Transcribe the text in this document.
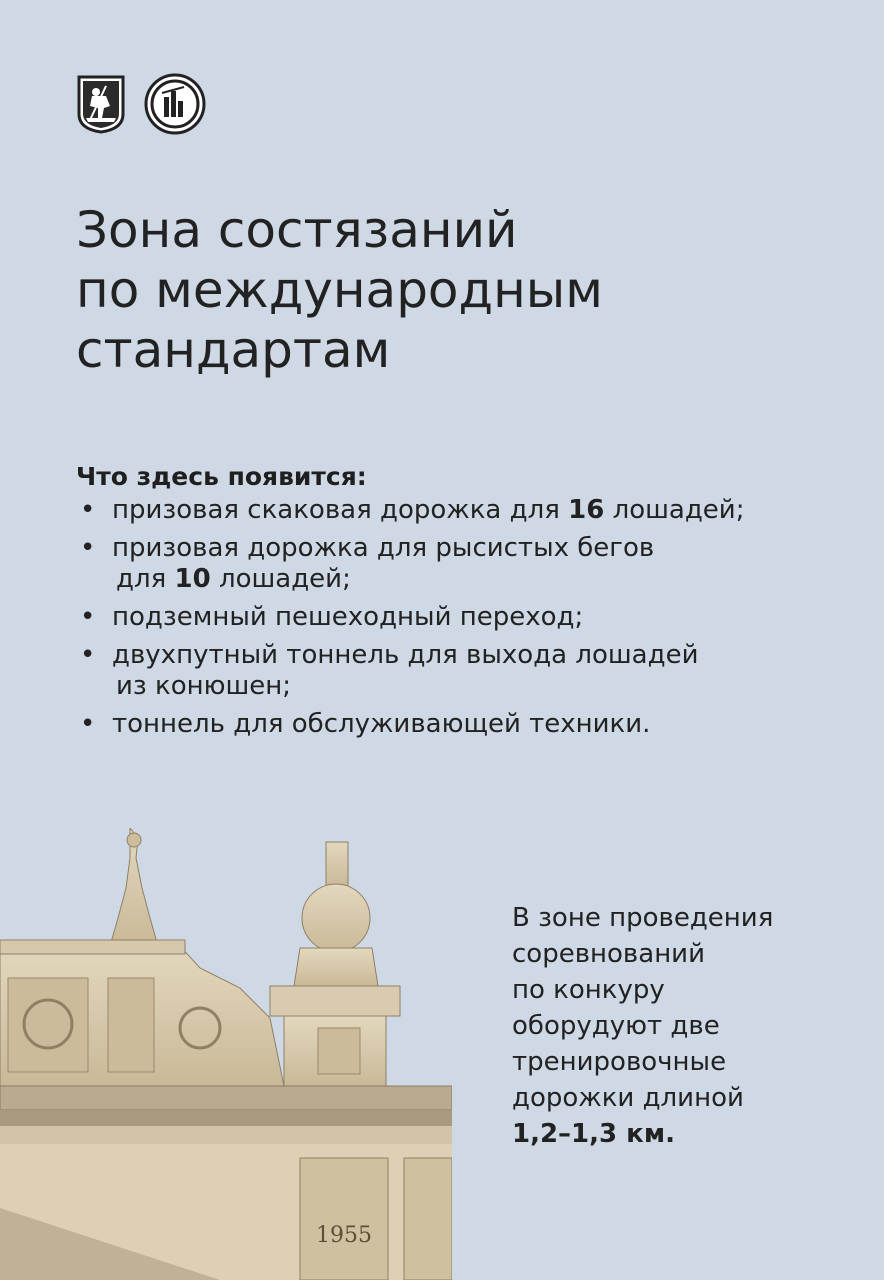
Зона состязаний
по международным
стандартам

Что здесь появится:

• призовая скаковая дорожка для 16 лошадей;
• призовая дорожка для рысистых бегов
для 10 лошадей;
• подземный пешеходный переход;
• двухпутный тоннель для выхода лошадей
из конюшен;
• тоннель для обслуживающей техники.
1955
В зоне проведения
соревнований
по конкуру
оборудуют две
тренировочные
дорожки длиной
1,2–1,3 км.
